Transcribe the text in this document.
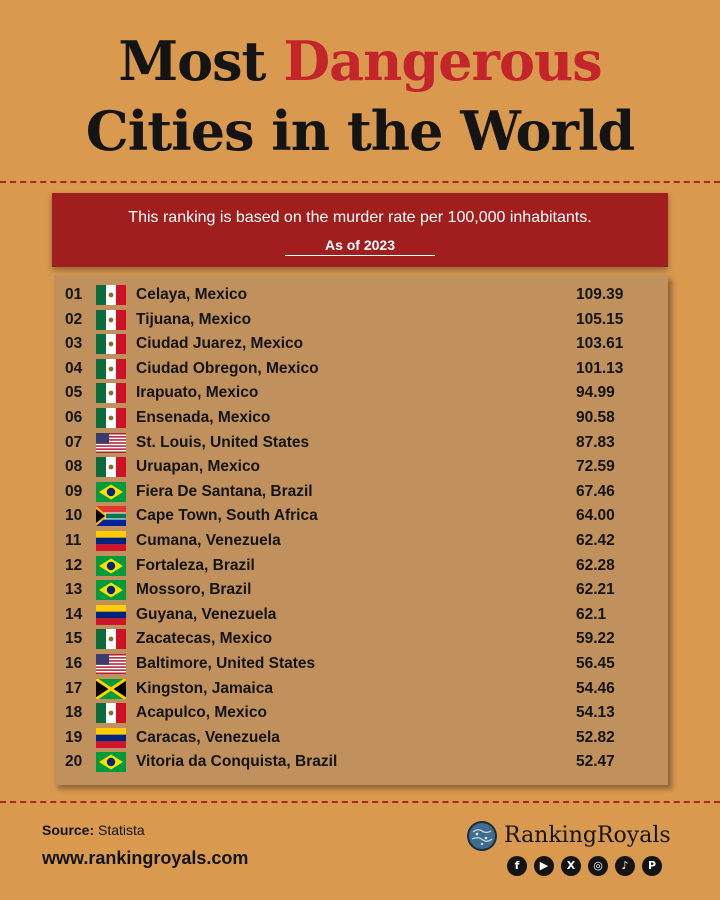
Most Dangerous
Cities in the World
This ranking is based on the murder rate per 100,000 inhabitants.
As of 2023
01	Celaya, Mexico	109.39
02	Tijuana, Mexico	105.15
03	Ciudad Juarez, Mexico	103.61
04	Ciudad Obregon, Mexico	101.13
05	Irapuato, Mexico	94.99
06	Ensenada, Mexico	90.58
07	St. Louis, United States	87.83
08	Uruapan, Mexico	72.59
09	Fiera De Santana, Brazil	67.46
10	Cape Town, South Africa	64.00
11	Cumana, Venezuela	62.42
12	Fortaleza, Brazil	62.28
13	Mossoro, Brazil	62.21
14	Guyana, Venezuela	62.1
15	Zacatecas, Mexico	59.22
16	Baltimore, United States	56.45
17	Kingston, Jamaica	54.46
18	Acapulco, Mexico	54.13
19	Caracas, Venezuela	52.82
20	Vitoria da Conquista, Brazil	52.47
Source: Statista
www.rankingroyals.com
RankingRoyals
f	▶	X	◎	♪	P
